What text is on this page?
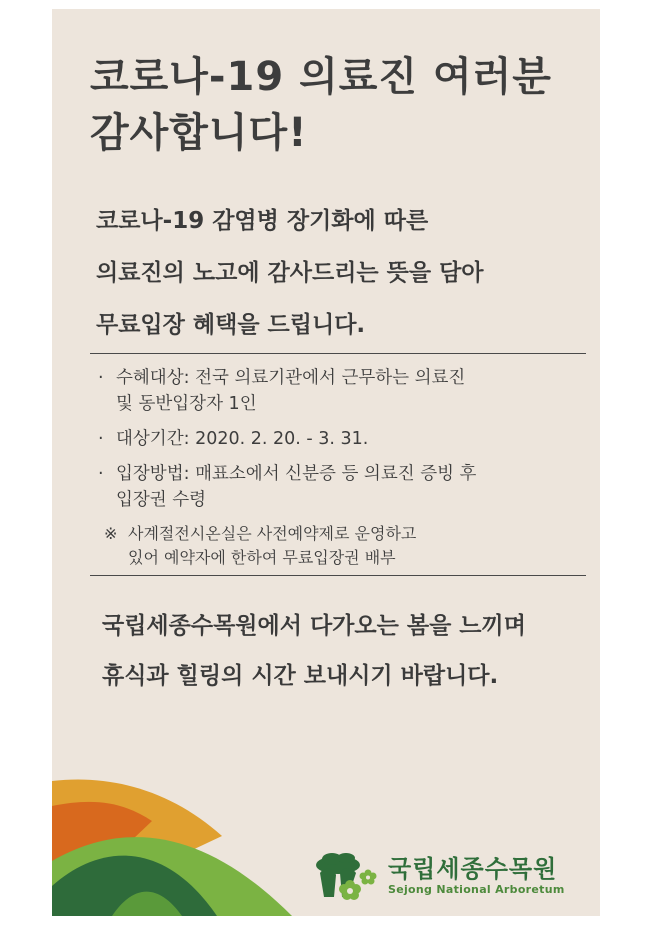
코로나-19 의료진 여러분
감사합니다!
코로나-19 감염병 장기화에 따른
의료진의 노고에 감사드리는 뜻을 담아
무료입장 혜택을 드립니다.
· 수혜대상: 전국 의료기관에서 근무하는 의료진
및 동반입장자 1인
· 대상기간: 2020. 2. 20. - 3. 31.
· 입장방법: 매표소에서 신분증 등 의료진 증빙 후
입장권 수령
※ 사계절전시온실은 사전예약제로 운영하고
있어 예약자에 한하여 무료입장권 배부
국립세종수목원에서 다가오는 봄을 느끼며
휴식과 힐링의 시간 보내시기 바랍니다.
국립세종수목원
Sejong National Arboretum
